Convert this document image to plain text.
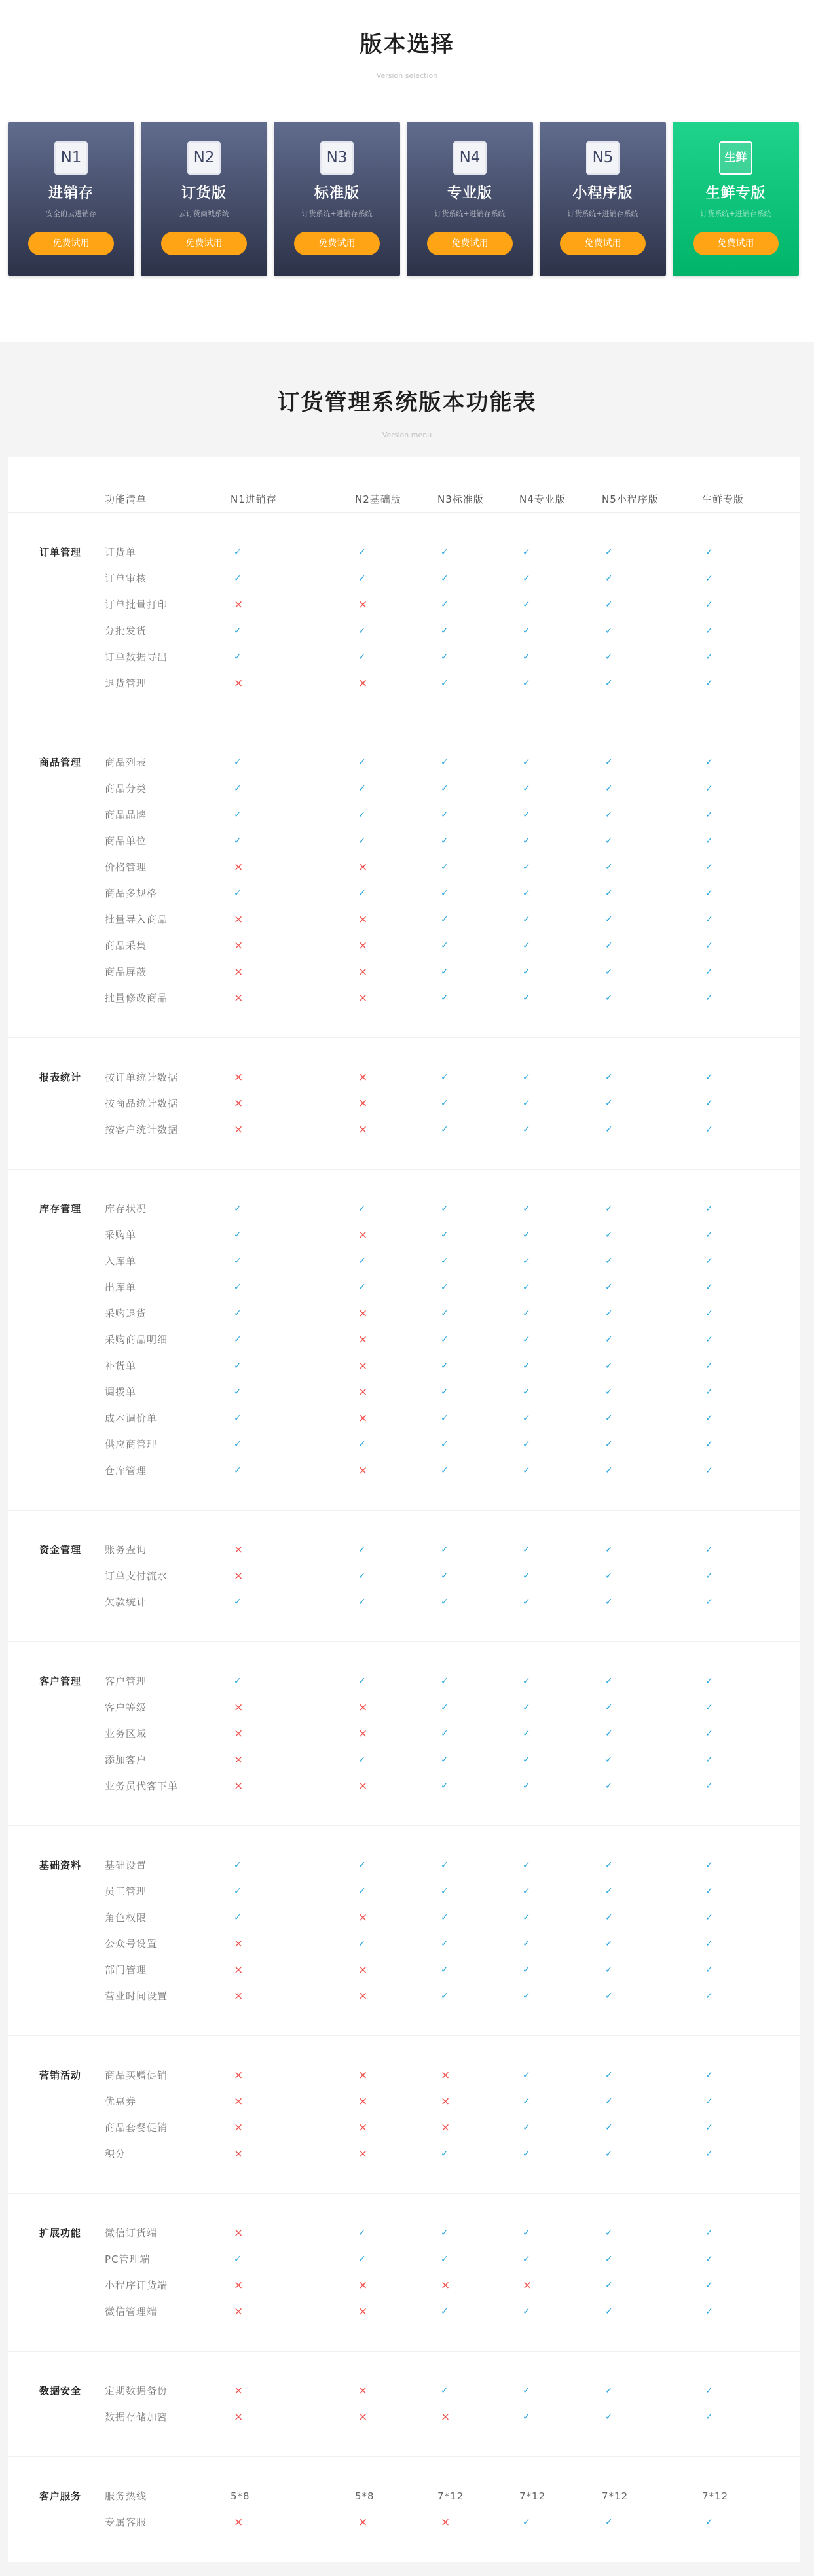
版本选择
Version selection
N1
进销存
安全的云进销存
免费试用
N2
订货版
云订货商城系统
免费试用
N3
标准版
订货系统+进销存系统
免费试用
N4
专业版
订货系统+进销存系统
免费试用
N5
小程序版
订货系统+进销存系统
免费试用
生鲜
生鲜专版
订货系统+进销存系统
免费试用
订货管理系统版本功能表
Version menu
功能清单	N1进销存	N2基础版	N3标准版	N4专业版	N5小程序版	生鲜专版
订单管理 订货单	✓	✓	✓	✓	✓	✓
订单审核	✓	✓	✓	✓	✓	✓
订单批量打印	×	×	✓	✓	✓	✓
分批发货	✓	✓	✓	✓	✓	✓
订单数据导出	✓	✓	✓	✓	✓	✓
退货管理	×	×	✓	✓	✓	✓
商品管理 商品列表	✓	✓	✓	✓	✓	✓
商品分类	✓	✓	✓	✓	✓	✓
商品品牌	✓	✓	✓	✓	✓	✓
商品单位	✓	✓	✓	✓	✓	✓
价格管理	×	×	✓	✓	✓	✓
商品多规格	✓	✓	✓	✓	✓	✓
批量导入商品	×	×	✓	✓	✓	✓
商品采集	×	×	✓	✓	✓	✓
商品屏蔽	×	×	✓	✓	✓	✓
批量修改商品	×	×	✓	✓	✓	✓
报表统计 按订单统计数据	×	×	✓	✓	✓	✓
按商品统计数据	×	×	✓	✓	✓	✓
按客户统计数据	×	×	✓	✓	✓	✓
库存管理 库存状况	✓	✓	✓	✓	✓	✓
采购单	✓	×	✓	✓	✓	✓
入库单	✓	✓	✓	✓	✓	✓
出库单	✓	✓	✓	✓	✓	✓
采购退货	✓	×	✓	✓	✓	✓
采购商品明细	✓	×	✓	✓	✓	✓
补货单	✓	×	✓	✓	✓	✓
调拨单	✓	×	✓	✓	✓	✓
成本调价单	✓	×	✓	✓	✓	✓
供应商管理	✓	✓	✓	✓	✓	✓
仓库管理	✓	×	✓	✓	✓	✓
资金管理 账务查询	×	✓	✓	✓	✓	✓
订单支付流水	×	✓	✓	✓	✓	✓
欠款统计	✓	✓	✓	✓	✓	✓
客户管理 客户管理	✓	✓	✓	✓	✓	✓
客户等级	×	×	✓	✓	✓	✓
业务区域	×	×	✓	✓	✓	✓
添加客户	×	✓	✓	✓	✓	✓
业务员代客下单	×	×	✓	✓	✓	✓
基础资料 基础设置	✓	✓	✓	✓	✓	✓
员工管理	✓	✓	✓	✓	✓	✓
角色权限	✓	×	✓	✓	✓	✓
公众号设置	×	✓	✓	✓	✓	✓
部门管理	×	×	✓	✓	✓	✓
营业时间设置	×	×	✓	✓	✓	✓
营销活动 商品买赠促销	×	×	×	✓	✓	✓
优惠券	×	×	×	✓	✓	✓
商品套餐促销	×	×	×	✓	✓	✓
积分	×	×	✓	✓	✓	✓
扩展功能 微信订货端	×	✓	✓	✓	✓	✓
PC管理端	✓	✓	✓	✓	✓	✓
小程序订货端	×	×	×	×	✓	✓
微信管理端	×	×	✓	✓	✓	✓
数据安全 定期数据备份	×	×	✓	✓	✓	✓
数据存储加密	×	×	×	✓	✓	✓
客户服务 服务热线	5*8	5*8	7*12	7*12	7*12	7*12
专属客服	×	×	×	✓	✓	✓
